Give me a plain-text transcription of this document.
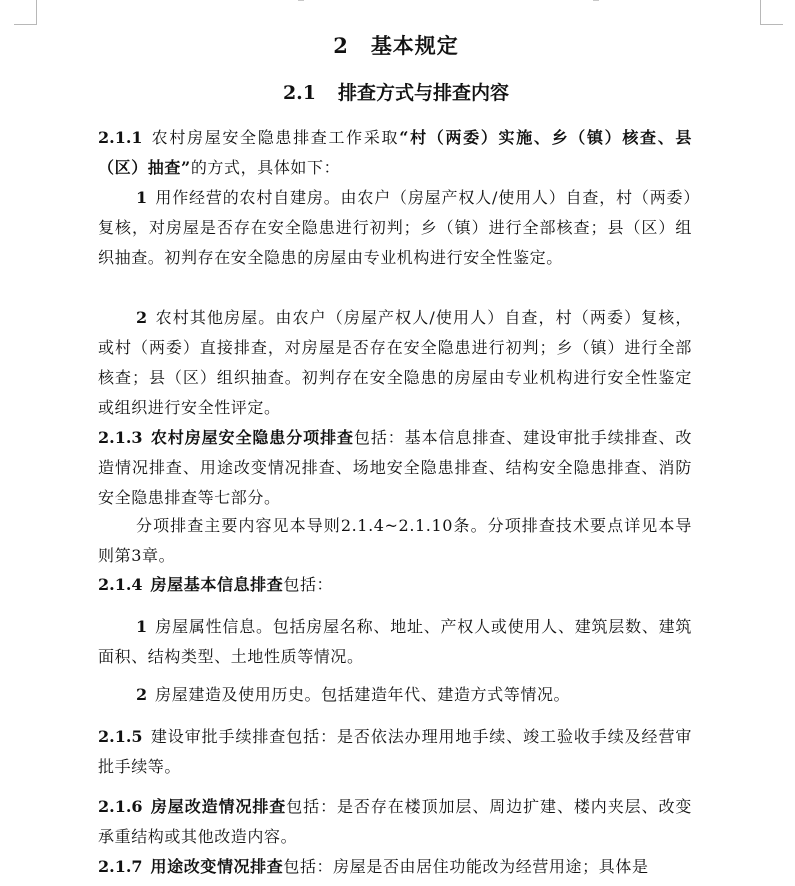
2 基本规定
2.1 排查方式与排查内容

2.1.1 农村房屋安全隐患排查工作采取“村（两委）实施、乡（镇）核查、县（区）抽查”的方式，具体如下：

1 用作经营的农村自建房。由农户（房屋产权人/使用人）自查，村（两委）复核，对房屋是否存在安全隐患进行初判；乡（镇）进行全部核查；县（区）组织抽查。初判存在安全隐患的房屋由专业机构进行安全性鉴定。

2 农村其他房屋。由农户（房屋产权人/使用人）自查，村（两委）复核，或村（两委）直接排查，对房屋是否存在安全隐患进行初判；乡（镇）进行全部核查；县（区）组织抽查。初判存在安全隐患的房屋由专业机构进行安全性鉴定或组织进行安全性评定。

2.1.3 农村房屋安全隐患分项排查包括：基本信息排查、建设审批手续排查、改造情况排查、用途改变情况排查、场地安全隐患排查、结构安全隐患排查、消防安全隐患排查等七部分。

分项排查主要内容见本导则2.1.4~2.1.10条。分项排查技术要点详见本导则第3章。

2.1.4 房屋基本信息排查包括：

1 房屋属性信息。包括房屋名称、地址、产权人或使用人、建筑层数、建筑面积、结构类型、土地性质等情况。

2 房屋建造及使用历史。包括建造年代、建造方式等情况。

2.1.5 建设审批手续排查包括：是否依法办理用地手续、竣工验收手续及经营审批手续等。

2.1.6 房屋改造情况排查包括：是否存在楼顶加层、周边扩建、楼内夹层、改变承重结构或其他改造内容。

2.1.7 用途改变情况排查包括：房屋是否由居住功能改为经营用途；具体是
